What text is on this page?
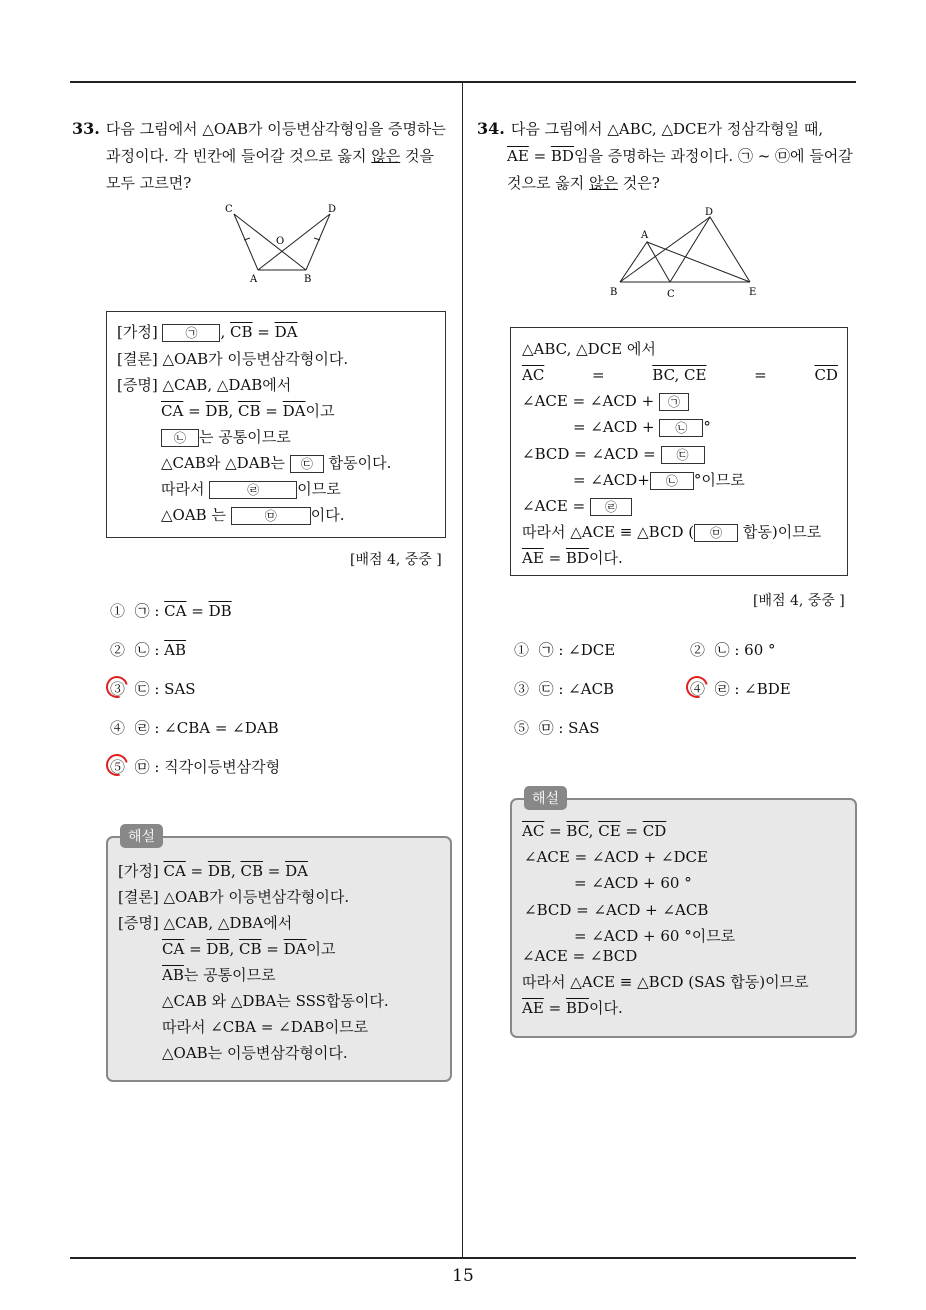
15
33. 다음 그림에서 △OAB가 이등변삼각형임을 증명하는
과정이다. 각 빈칸에 들어갈 것으로 옳지 않은 것을
모두 고르면?
C	D
O
A	B
[가정] ㉠ , $\overline{CB} = \overline{DA}$
[결론] △OAB가 이등변삼각형이다.
[증명] △CAB, △DAB에서
$\overline{CA} = \overline{DB}$, $\overline{CB} = \overline{DA}$이고
㉡ 는 공통이므로
△CAB와 △DAB는 ㉢ 합동이다.
따라서	㉣	이므로
△OAB 는	㉤ 이다.
[배점 4, 중중 ]
① ㉠ : $\overline{CA} = \overline{DB}$
② ㉡ : $\overline{AB}$
③ ㉢ : SAS
④ ㉣ : ∠CBA = ∠DAB
⑤ ㉤ : 직각이등변삼각형
해설
[가정] $\overline{CA} = \overline{DB}$, $\overline{CB} = \overline{DA}$
[결론] △OAB가 이등변삼각형이다.
[증명] △CAB, △DBA에서
$\overline{CA} = \overline{DB}$, $\overline{CB} = \overline{DA}$이고
$\overline{AB}$는 공통이므로
△CAB 와 △DBA는 SSS합동이다.
따라서 ∠CBA = ∠DAB이므로
△OAB는 이등변삼각형이다.
34. 다음 그림에서 △ABC, △DCE가 정삼각형일 때,
$\overline{AE} = \overline{BD}$임을 증명하는 과정이다. ㉠ ~ ㉤에 들어갈
것으로 옳지 않은 것은?
A
B	C
D
E
△ABC, △DCE 에서
$\overline{AC}$	=	BC, CE	=	$\overline{CD}$
∠ACE = ∠ACD + ㉠
= ∠ACD + ㉡ °
∠BCD = ∠ACD = ㉢
= ∠ACD+ ㉡ °이므로
∠ACE = ㉣
따라서 △ACE ≡ △BCD ( ㉤ 합동)이므로
$\overline{AE} = \overline{BD}$이다.
[배점 4, 중중 ]
① ㉠ : ∠DCE	② ㉡ : 60 °
③ ㉢ : ∠ACB	④ ㉣ : ∠BDE
⑤ ㉤ : SAS
해설
$\overline{AC} = \overline{BC}$, $\overline{CE} = \overline{CD}$
∠ACE = ∠ACD + ∠DCE
= ∠ACD + 60 °
∠BCD = ∠ACD + ∠ACB
= ∠ACD + 60 °이므로
∠ACE = ∠BCD
따라서 △ACE ≡ △BCD (SAS 합동)이므로
$\overline{AE} = \overline{BD}$이다.
